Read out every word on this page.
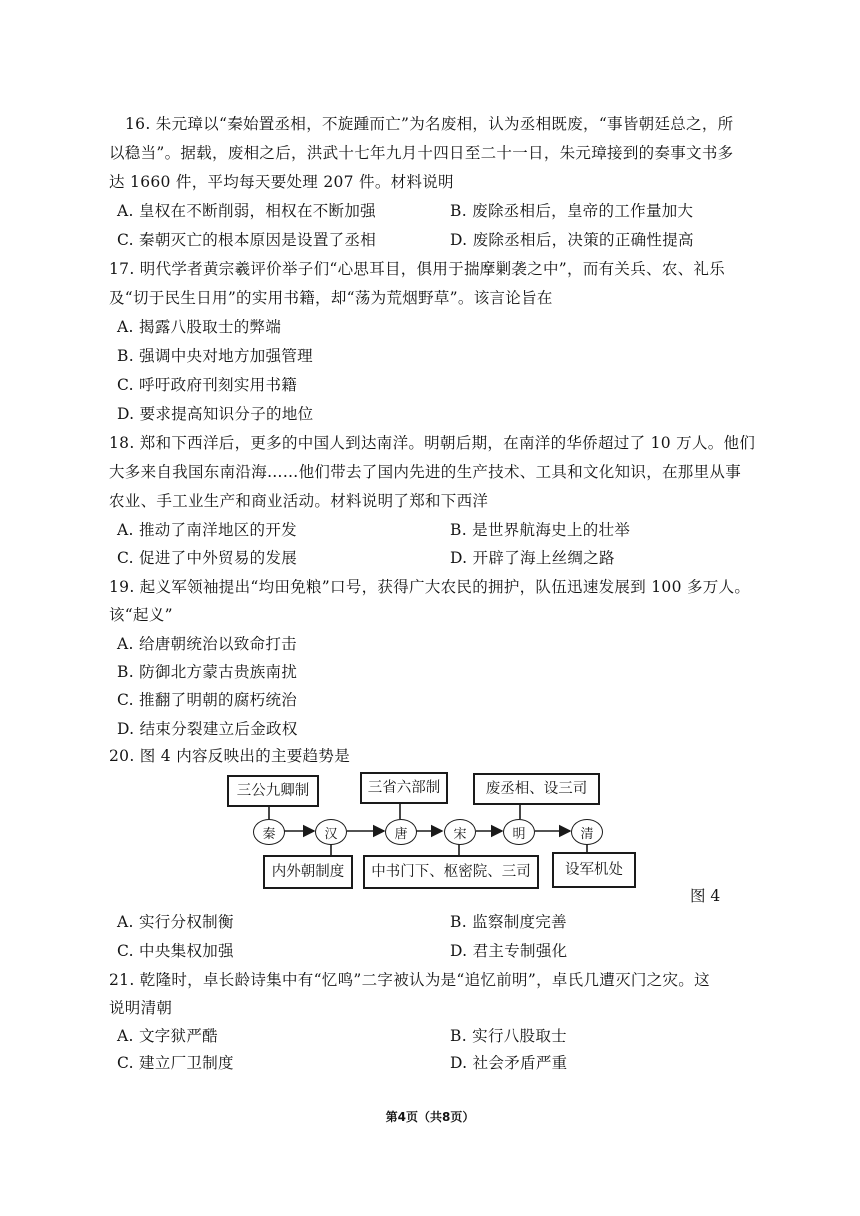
16. 朱元璋以“秦始置丞相，不旋踵而亡”为名废相，认为丞相既废，“事皆朝廷总之，所
以稳当”。据载，废相之后，洪武十七年九月十四日至二十一日，朱元璋接到的奏事文书多
达 1660 件，平均每天要处理 207 件。材料说明
A. 皇权在不断削弱，相权在不断加强	B. 废除丞相后，皇帝的工作量加大
C. 秦朝灭亡的根本原因是设置了丞相	D. 废除丞相后，决策的正确性提高
17. 明代学者黄宗羲评价举子们“心思耳目，俱用于揣摩剿袭之中”，而有关兵、农、礼乐
及“切于民生日用”的实用书籍，却“荡为荒烟野草”。该言论旨在
A. 揭露八股取士的弊端
B. 强调中央对地方加强管理
C. 呼吁政府刊刻实用书籍
D. 要求提高知识分子的地位
18. 郑和下西洋后，更多的中国人到达南洋。明朝后期，在南洋的华侨超过了 10 万人。他们
大多来自我国东南沿海……他们带去了国内先进的生产技术、工具和文化知识，在那里从事
农业、手工业生产和商业活动。材料说明了郑和下西洋
A. 推动了南洋地区的开发	B. 是世界航海史上的壮举
C. 促进了中外贸易的发展	D. 开辟了海上丝绸之路
19. 起义军领袖提出“均田免粮”口号，获得广大农民的拥护，队伍迅速发展到 100 多万人。
该“起义”
A. 给唐朝统治以致命打击
B. 防御北方蒙古贵族南扰
C. 推翻了明朝的腐朽统治
D. 结束分裂建立后金政权
20. 图 4 内容反映出的主要趋势是
三公九卿制	三省六部制	废丞相、设三司
秦	汉	唐	宋	明	清
内外朝制度	中书门下、枢密院、三司	设军机处
图 4
A. 实行分权制衡	B. 监察制度完善
C. 中央集权加强	D. 君主专制强化
21. 乾隆时，卓长龄诗集中有“忆鸣”二字被认为是“追忆前明”，卓氏几遭灭门之灾。这
说明清朝
A. 文字狱严酷	B. 实行八股取士
C. 建立厂卫制度	D. 社会矛盾严重
第4页（共8页）
